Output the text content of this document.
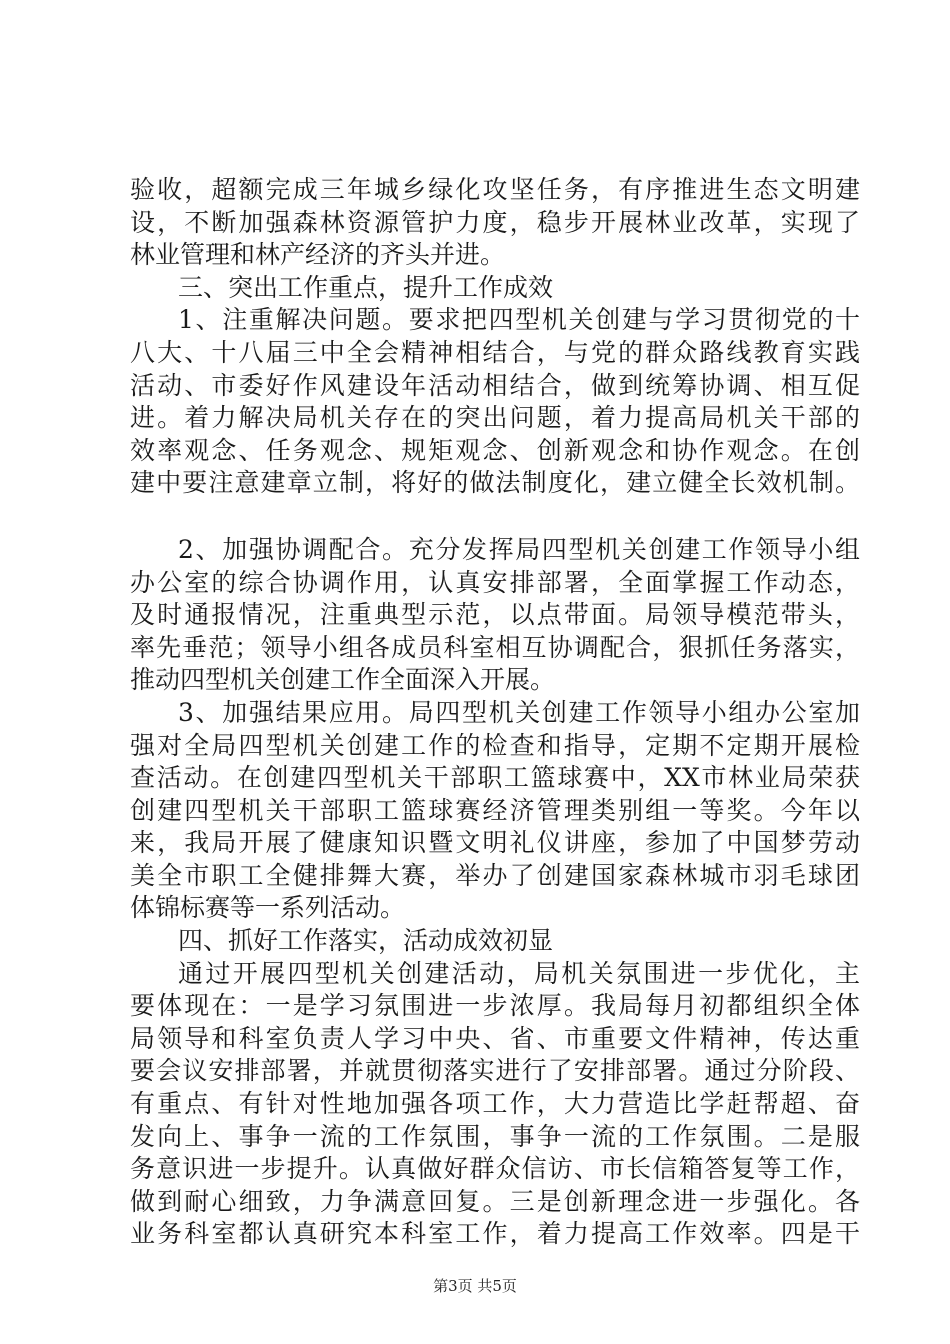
验收，超额完成三年城乡绿化攻坚任务，有序推进生态文明建
设，不断加强森林资源管护力度，稳步开展林业改革，实现了
林业管理和林产经济的齐头并进。
三、突出工作重点，提升工作成效
1、注重解决问题。要求把四型机关创建与学习贯彻党的十
八大、十八届三中全会精神相结合，与党的群众路线教育实践
活动、市委好作风建设年活动相结合，做到统筹协调、相互促
进。着力解决局机关存在的突出问题，着力提高局机关干部的
效率观念、任务观念、规矩观念、创新观念和协作观念。在创
建中要注意建章立制，将好的做法制度化，建立健全长效机制。
2、加强协调配合。充分发挥局四型机关创建工作领导小组
办公室的综合协调作用，认真安排部署，全面掌握工作动态，
及时通报情况，注重典型示范，以点带面。局领导模范带头，
率先垂范；领导小组各成员科室相互协调配合，狠抓任务落实，
推动四型机关创建工作全面深入开展。
3、加强结果应用。局四型机关创建工作领导小组办公室加
强对全局四型机关创建工作的检查和指导，定期不定期开展检
查活动。在创建四型机关干部职工篮球赛中，XX市林业局荣获
创建四型机关干部职工篮球赛经济管理类别组一等奖。今年以
来，我局开展了健康知识暨文明礼仪讲座，参加了中国梦劳动
美全市职工全健排舞大赛，举办了创建国家森林城市羽毛球团
体锦标赛等一系列活动。
四、抓好工作落实，活动成效初显
通过开展四型机关创建活动，局机关氛围进一步优化，主
要体现在：一是学习氛围进一步浓厚。我局每月初都组织全体
局领导和科室负责人学习中央、省、市重要文件精神，传达重
要会议安排部署，并就贯彻落实进行了安排部署。通过分阶段、
有重点、有针对性地加强各项工作，大力营造比学赶帮超、奋
发向上、事争一流的工作氛围，事争一流的工作氛围。二是服
务意识进一步提升。认真做好群众信访、市长信箱答复等工作，
做到耐心细致，力争满意回复。三是创新理念进一步强化。各
业务科室都认真研究本科室工作，着力提高工作效率。四是干
第3页 共5页
